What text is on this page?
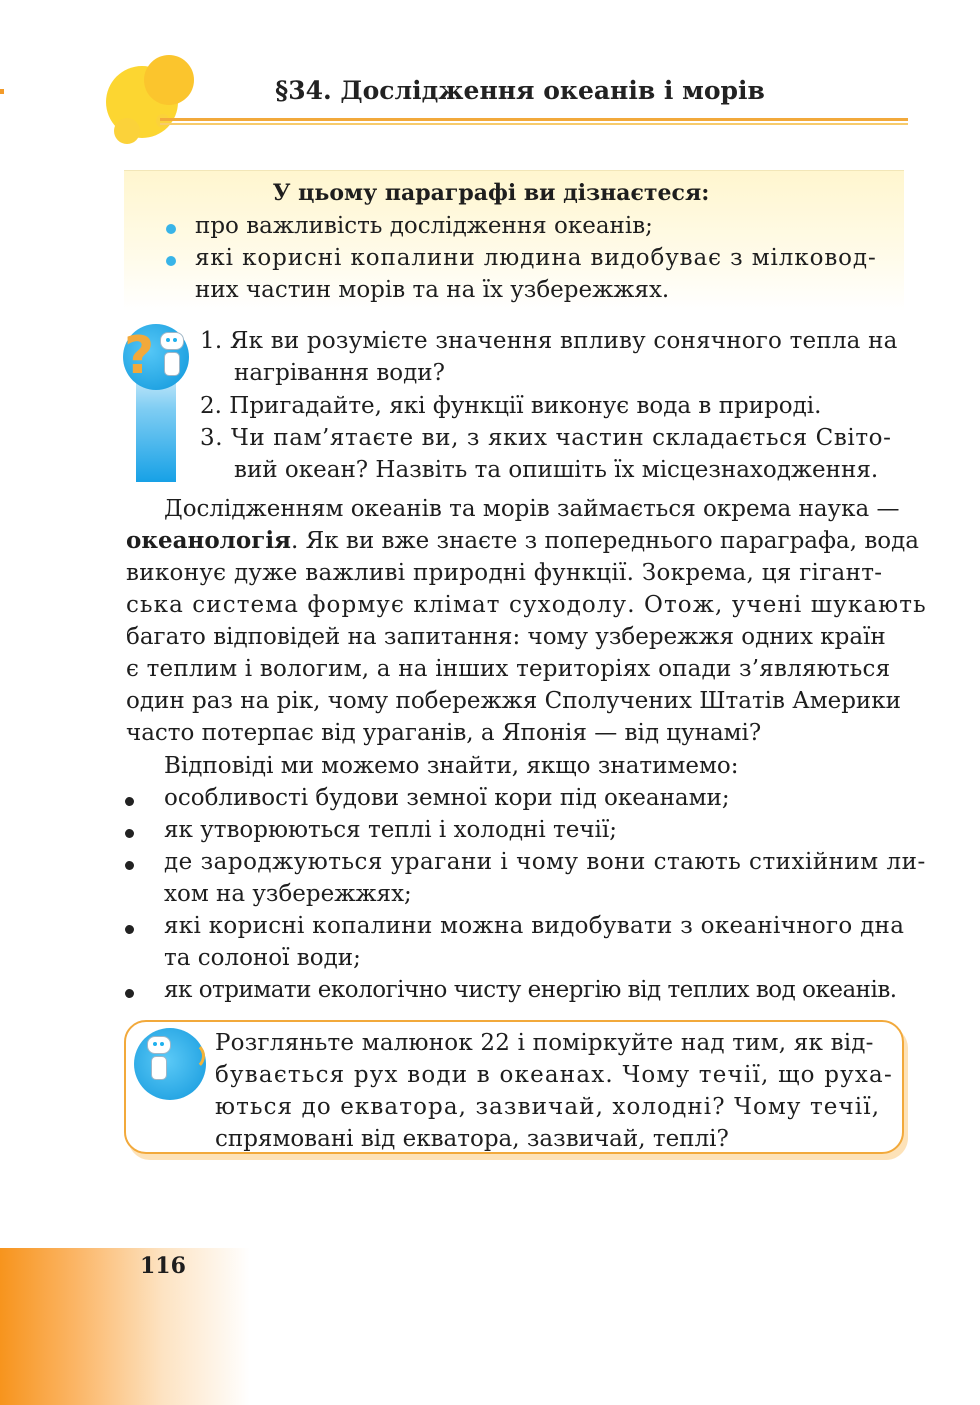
§34. Дослідження океанів і морів
У цьому параграфі ви дізнаєтеся:
про важливість дослідження океанів;
які корисні копалини людина видобуває з мілковод-
них частин морів та на їх узбережжях.
? 1. Як ви розумієте значення впливу сонячного тепла на
нагрівання води?
2. Пригадайте, які функції виконує вода в природі.
3. Чи пам’ятаєте ви, з яких частин складається Світо-
вий океан? Назвіть та опишіть їх місцезнаходження.
Дослідженням океанів та морів займається окрема наука —
океанологія. Як ви вже знаєте з попереднього параграфа, вода
виконує дуже важливі природні функції. Зокрема, ця гігант-
ська система формує клімат суходолу. Отож, учені шукають
багато відповідей на запитання: чому узбережжя одних країн
є теплим і вологим, а на інших територіях опади з’являються
один раз на рік, чому побережжя Сполучених Штатів Америки
часто потерпає від ураганів, а Японія — від цунамі?
Відповіді ми можемо знайти, якщо знатимемо:
особливості будови земної кори під океанами;
як утворюються теплі і холодні течії;
де зароджуються урагани і чому вони стають стихійним ли-
хом на узбережжях;
які корисні копалини можна видобувати з океанічного дна
та солоної води;
як отримати екологічно чисту енергію від теплих вод океанів.
Розгляньте малюнок 22 і поміркуйте над тим, як від-
бувається рух води в океанах. Чому течії, що руха-
ються до екватора, зазвичай, холодні? Чому течії,
спрямовані від екватора, зазвичай, теплі?
116
